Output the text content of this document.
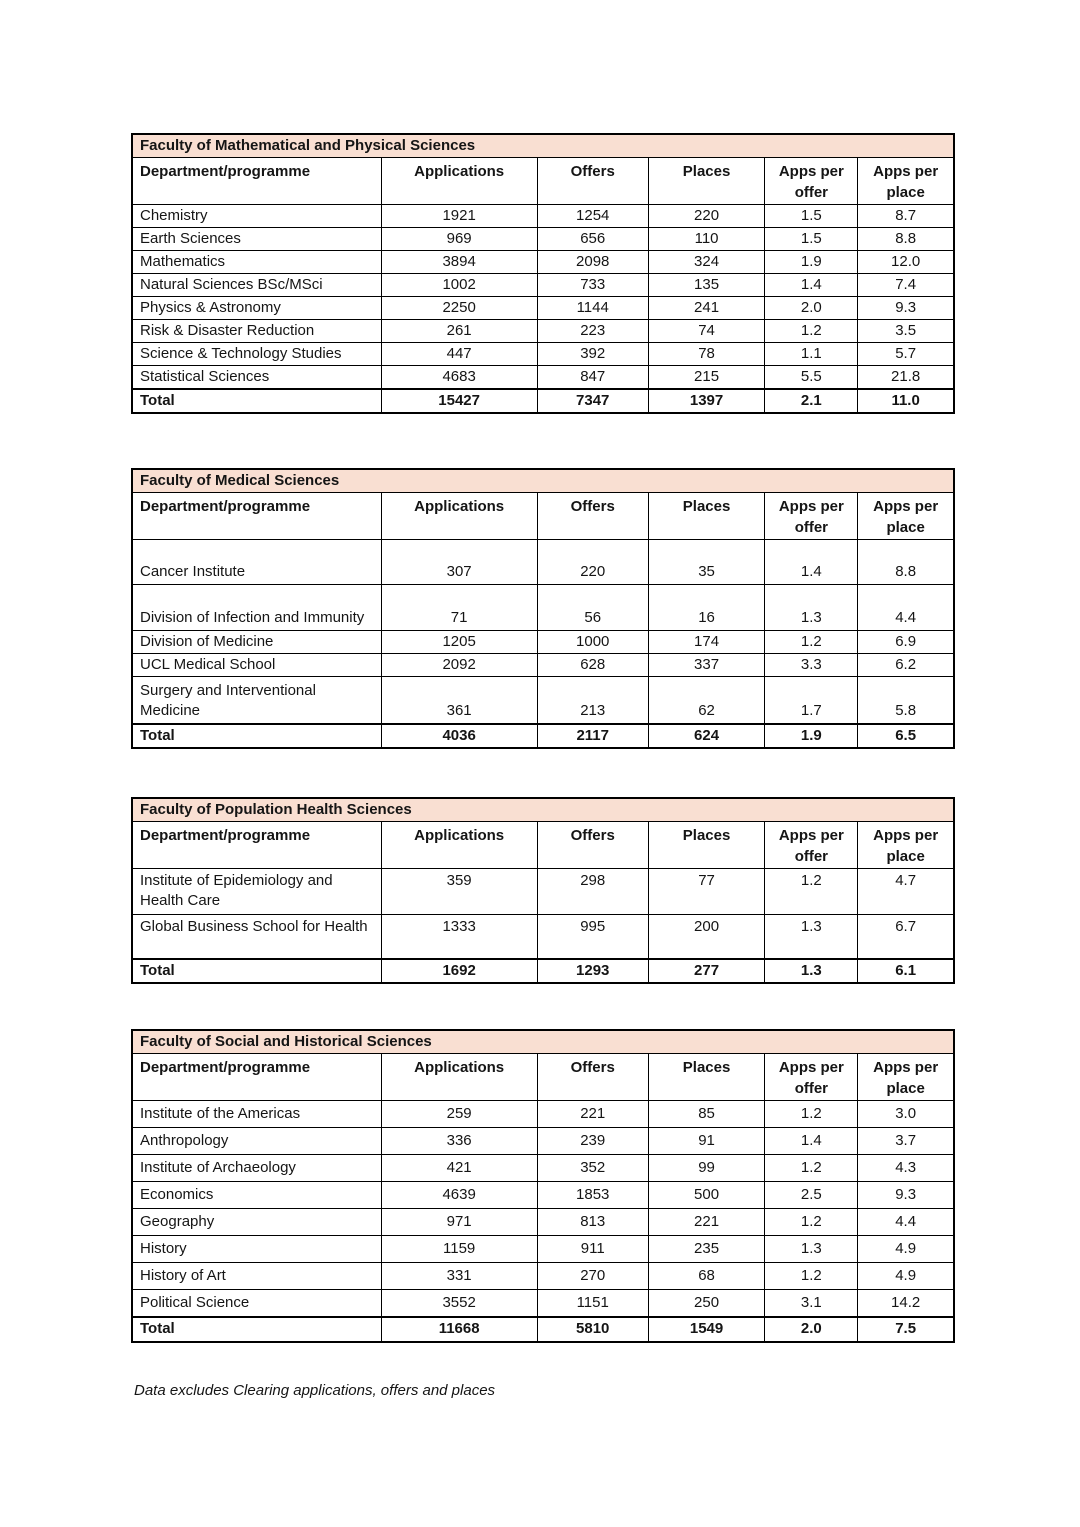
Faculty of Mathematical and Physical Sciences					
Department/programme	Applications	Offers	Places	Apps per offer	Apps per place
Chemistry	1921	1254	220	1.5	8.7
Earth Sciences	969	656	110	1.5	8.8
Mathematics	3894	2098	324	1.9	12.0
Natural Sciences BSc/MSci	1002	733	135	1.4	7.4
Physics & Astronomy	2250	1144	241	2.0	9.3
Risk & Disaster Reduction	261	223	74	1.2	3.5
Science & Technology Studies	447	392	78	1.1	5.7
Statistical Sciences	4683	847	215	5.5	21.8
Total	15427	7347	1397	2.1	11.0
Faculty of Medical Sciences					
Department/programme	Applications	Offers	Places	Apps per offer	Apps per place
Cancer Institute	307	220	35	1.4	8.8
Division of Infection and Immunity	71	56	16	1.3	4.4
Division of Medicine	1205	1000	174	1.2	6.9
UCL Medical School	2092	628	337	3.3	6.2
Surgery and Interventional Medicine	361	213	62	1.7	5.8
Total	4036	2117	624	1.9	6.5
Faculty of Population Health Sciences					
Department/programme	Applications	Offers	Places	Apps per offer	Apps per place
Institute of Epidemiology and Health Care	359	298	77	1.2	4.7
Global Business School for Health	1333	995	200	1.3	6.7
Total	1692	1293	277	1.3	6.1
Faculty of Social and Historical Sciences					
Department/programme	Applications	Offers	Places	Apps per offer	Apps per place
Institute of the Americas	259	221	85	1.2	3.0
Anthropology	336	239	91	1.4	3.7
Institute of Archaeology	421	352	99	1.2	4.3
Economics	4639	1853	500	2.5	9.3
Geography	971	813	221	1.2	4.4
History	1159	911	235	1.3	4.9
History of Art	331	270	68	1.2	4.9
Political Science	3552	1151	250	3.1	14.2
Total	11668	5810	1549	2.0	7.5
Data excludes Clearing applications, offers and places
